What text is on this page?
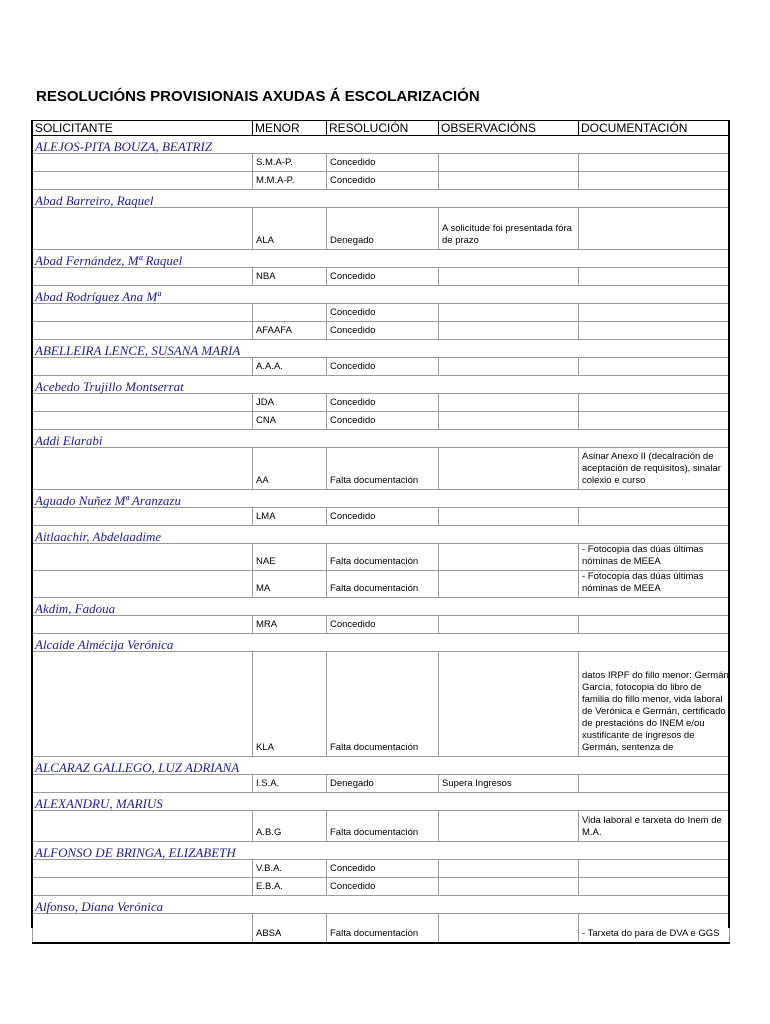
RESOLUCIÓNS PROVISIONAIS AXUDAS Á ESCOLARIZACIÓN
SOLICITANTE	MENOR	RESOLUCIÓN	OBSERVACIÓNS	DOCUMENTACIÓN
ALEJOS-PITA BOUZA, BEATRIZ				

	S.M.A-P.	Concedido		

	M.M.A-P.	Concedido		

Abad Barreiro, Raquel				

	ALA	Denegado	A solicitude foi presentada fóra de prazo	

Abad Fernández, Mª Raquel				

	NBA	Concedido		

Abad Rodríguez Ana Mª				

		Concedido		

	AFAAFA	Concedido		

ABELLEIRA LENCE, SUSANA MARIA				

	A.A.A.	Concedido		

Acebedo Trujillo Montserrat				

	JDA	Concedido		

	CNA	Concedido		

Addi Elarabi				

	AA	Falta documentación		Asinar Anexo II (decalración de aceptación de requisitos), sinalar colexio e curso

Aguado Nuñez Mª Aranzazu				

	LMA	Concedido		

Aitlaachir, Abdelaadime				

	NAE	Falta documentación		- Fotocopia das dúas últimas nóminas de MEEA

	MA	Falta documentación		- Fotocopia das dúas últimas nóminas de MEEA

Akdim, Fadoua				

	MRA	Concedido		

Alcaide Almécija Verónica				

	KLA	Falta documentación		datos IRPF do fillo menor: Germán García, fotocopia do libro de familia do fillo menor, vida laboral de Verónica e Germán, certificado de prestacións do INEM e/ou xustificante de ingresos de Germán, sentenza de

ALCARAZ GALLEGO, LUZ ADRIANA				

	I.S.A.	Denegado	Supera Ingresos	

ALEXANDRU, MARIUS				

	A.B.G	Falta documentación		Vida laboral e tarxeta do Inem de M.A.

ALFONSO DE BRINGA, ELIZABETH				

	V.B.A.	Concedido		

	E.B.A.	Concedido		

Alfonso, Diana Verónica				

	ABSA	Falta documentación		- Tarxeta do para de DVA e GGS
